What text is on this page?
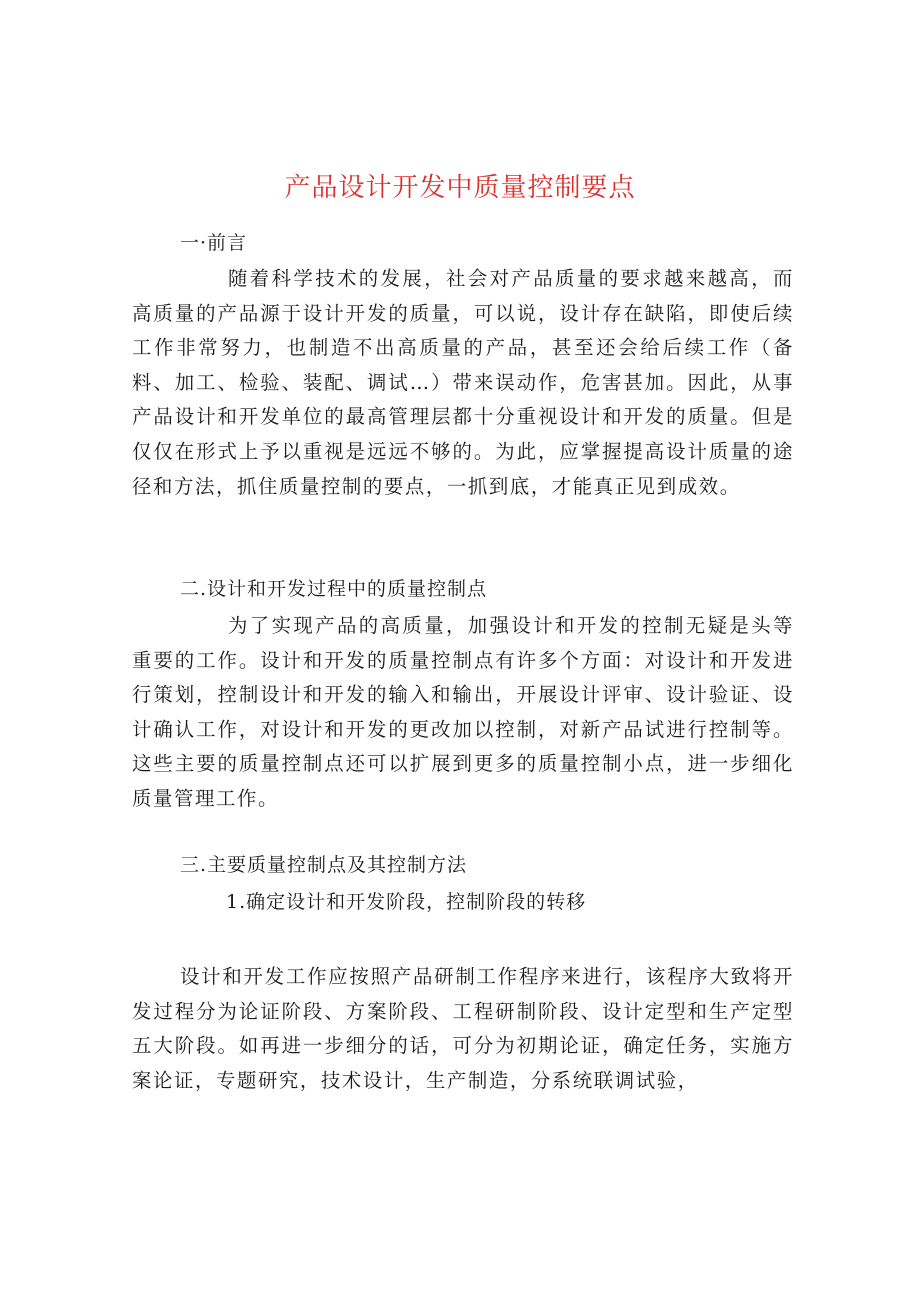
产品设计开发中质量控制要点
一·前言

随着科学技术的发展，社会对产品质量的要求越来越高，而高质量的产品源于设计开发的质量，可以说，设计存在缺陷，即使后续工作非常努力，也制造不出高质量的产品，甚至还会给后续工作（备料、加工、检验、装配、调试…）带来误动作，危害甚加。因此，从事产品设计和开发单位的最高管理层都十分重视设计和开发的质量。但是仅仅在形式上予以重视是远远不够的。为此，应掌握提高设计质量的途径和方法，抓住质量控制的要点，一抓到底，才能真正见到成效。

二.设计和开发过程中的质量控制点

为了实现产品的高质量，加强设计和开发的控制无疑是头等重要的工作。设计和开发的质量控制点有许多个方面：对设计和开发进行策划，控制设计和开发的输入和输出，开展设计评审、设计验证、设计确认工作，对设计和开发的更改加以控制，对新产品试进行控制等。这些主要的质量控制点还可以扩展到更多的质量控制小点，进一步细化质量管理工作。

三.主要质量控制点及其控制方法
1.确定设计和开发阶段，控制阶段的转移

设计和开发工作应按照产品研制工作程序来进行，该程序大致将开发过程分为论证阶段、方案阶段、工程研制阶段、设计定型和生产定型五大阶段。如再进一步细分的话，可分为初期论证，确定任务，实施方案论证，专题研究，技术设计，生产制造，分系统联调试验，
